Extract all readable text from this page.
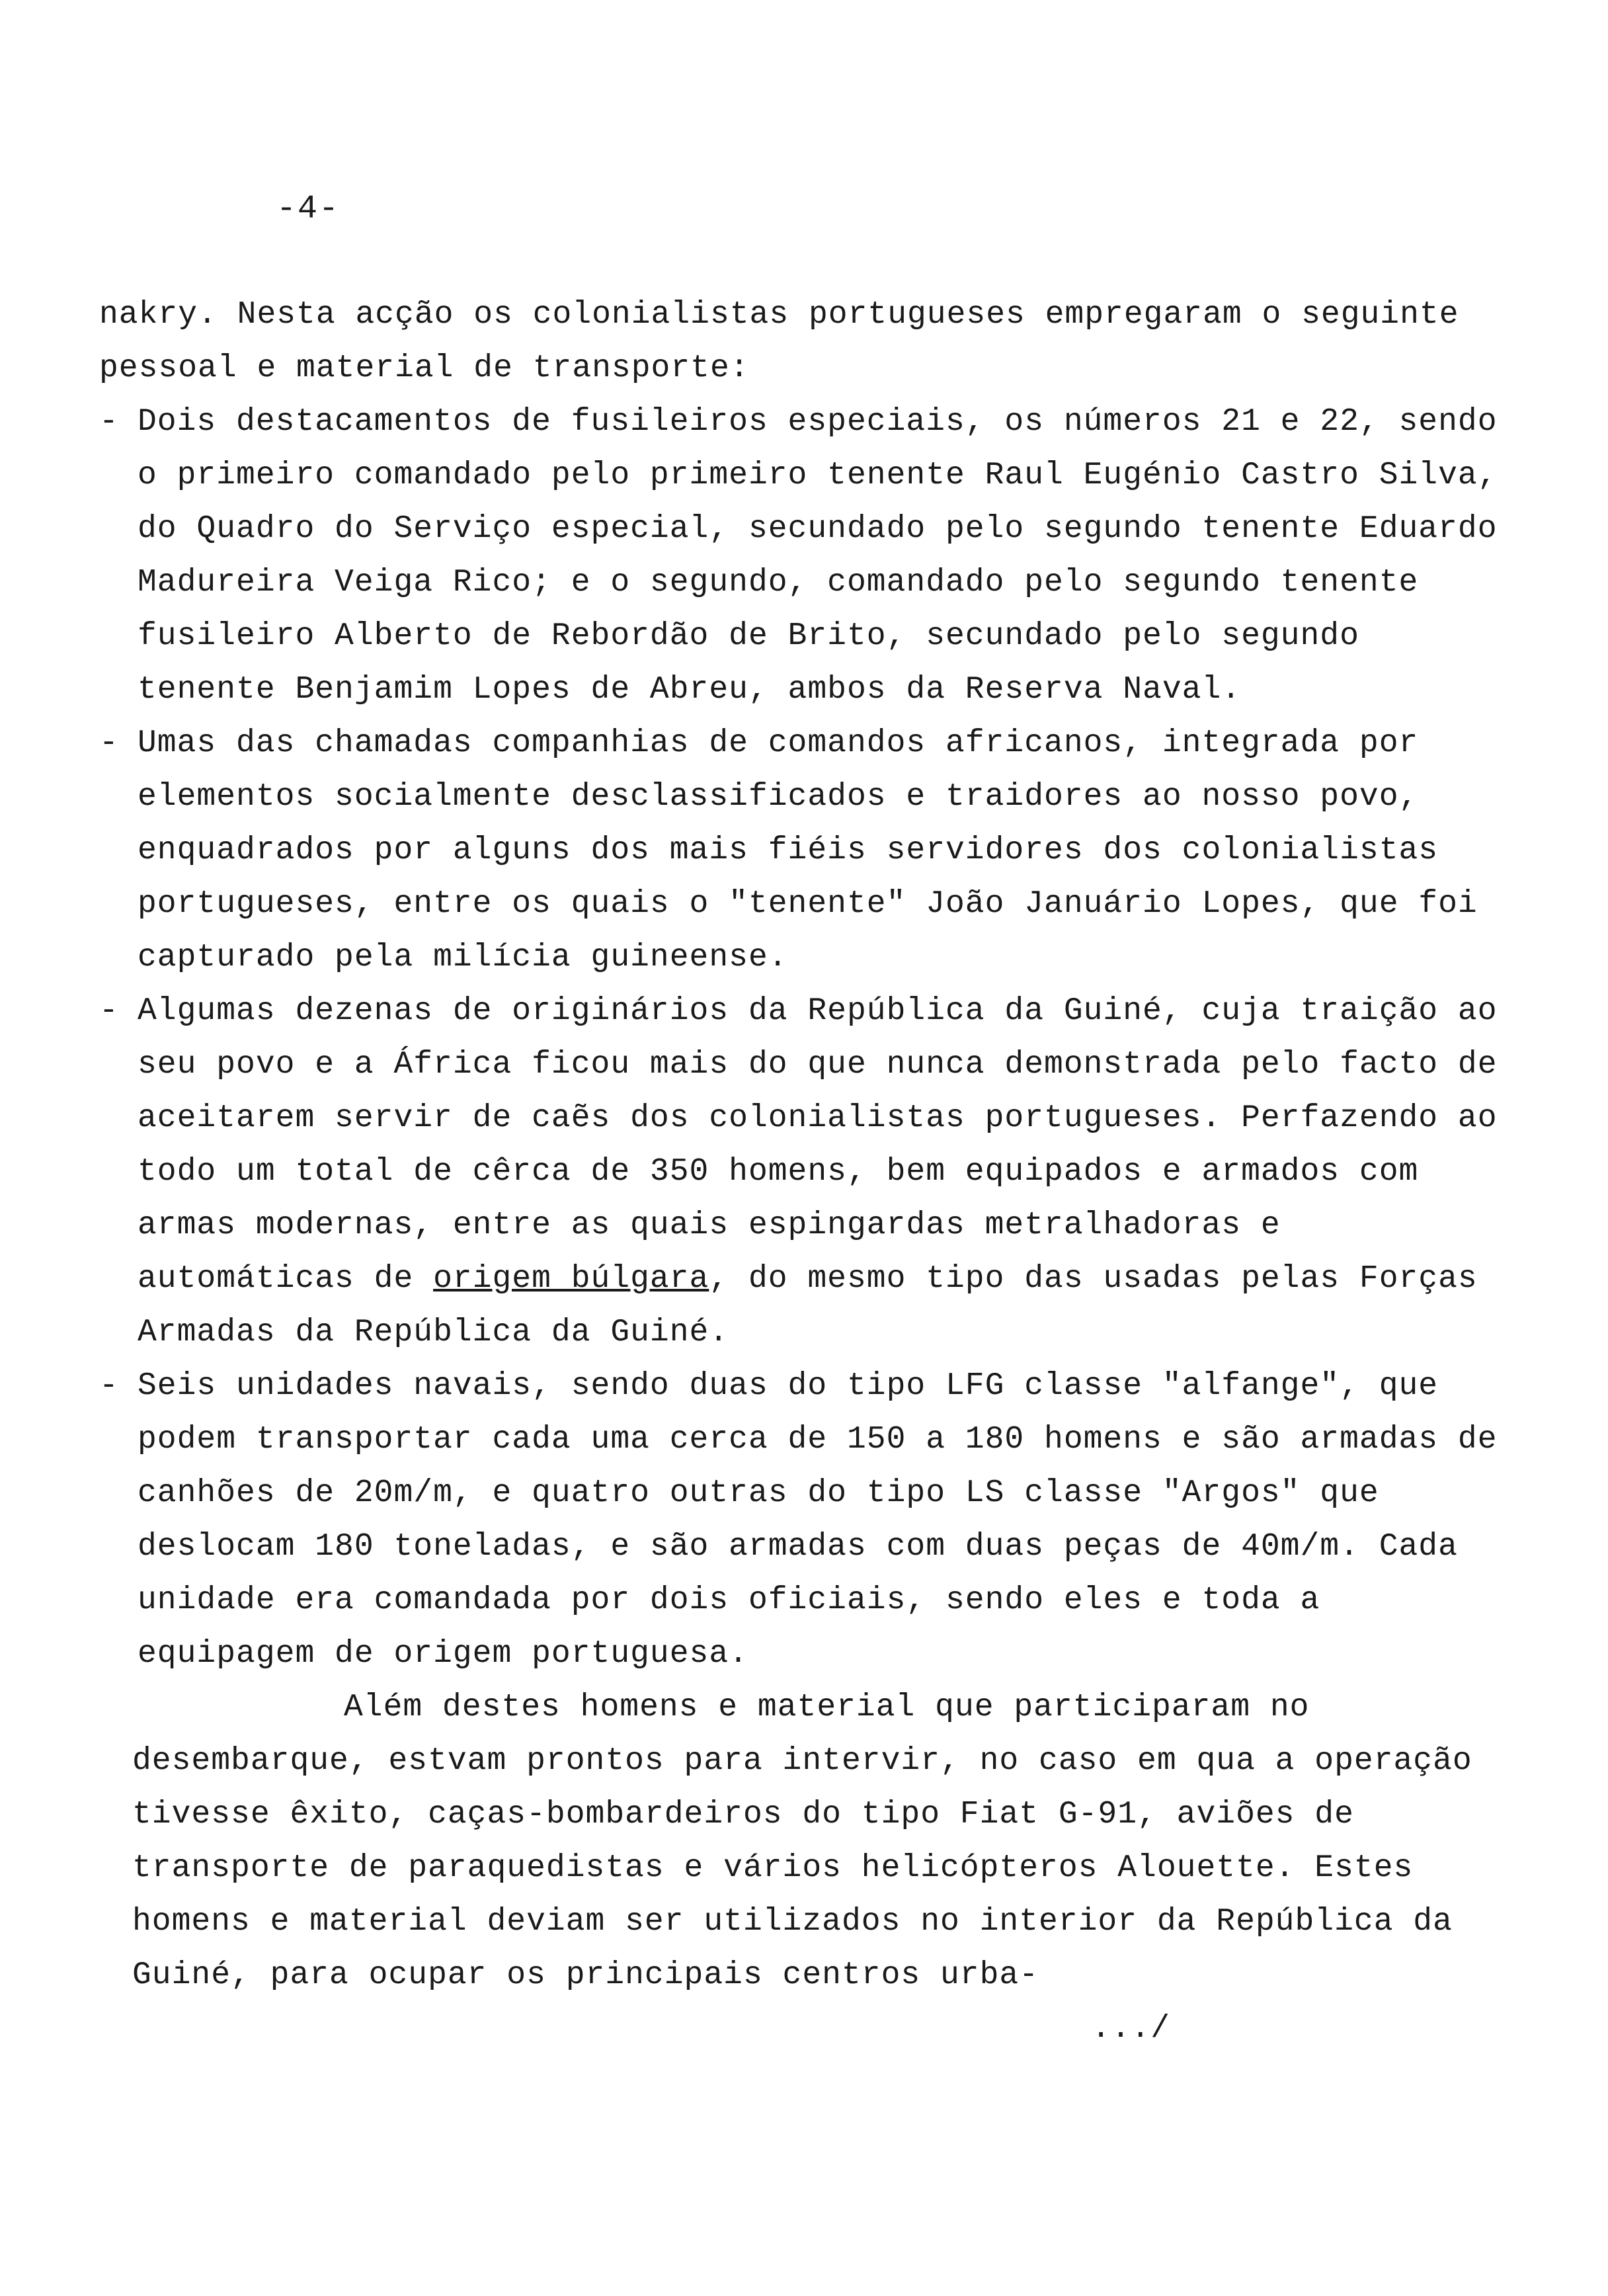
-4-

nakry. Nesta acção os colonialistas portugueses empregaram o seguinte pessoal e material de transporte:

- Dois destacamentos de fusileiros especiais, os números 21 e 22, sendo o primeiro comandado pelo primeiro tenente Raul Eugénio Castro Silva, do Quadro do Serviço especial, secundado pelo segundo tenente Eduardo Madureira Veiga Rico; e o segundo, comandado pelo segundo tenente fusileiro Alberto de Rebordão de Brito, secundado pelo segundo tenente Benjamim Lopes de Abreu, ambos da Reserva Naval.
- Umas das chamadas companhias de comandos africanos, integrada por elementos socialmente desclassificados e traidores ao nosso povo, enquadrados por alguns dos mais fiéis servidores dos colonialistas portugueses, entre os quais o "tenente" João Januário Lopes, que foi capturado pela milícia guineense.
- Algumas dezenas de originários da República da Guiné, cuja traição ao seu povo e a África ficou mais do que nunca demonstrada pelo facto de aceitarem servir de caẽs dos colonialistas portugueses. Perfazendo ao todo um total de cêrca de 350 homens, bem equipados e armados com armas modernas, entre as quais espingardas metralhadoras e automáticas de origem búlgara, do mesmo tipo das usadas pelas Forças Armadas da República da Guiné.
- Seis unidades navais, sendo duas do tipo LFG classe "alfange", que podem transportar cada uma cerca de 150 a 180 homens e são armadas de canhões de 20m/m, e quatro outras do tipo LS classe "Argos" que deslocam 180 toneladas, e são armadas com duas peças de 40m/m. Cada unidade era comandada por dois oficiais, sendo eles e toda a equipagem de origem portuguesa.

Além destes homens e material que participaram no desembarque, estvam prontos para intervir, no caso em qua a operação tivesse êxito, caças-bombardeiros do tipo Fiat G-91, aviões de transporte de paraquedistas e vários helicópteros Alouette. Estes homens e material deviam ser utilizados no interior da República da Guiné, para ocupar os principais centros urba-

.../
